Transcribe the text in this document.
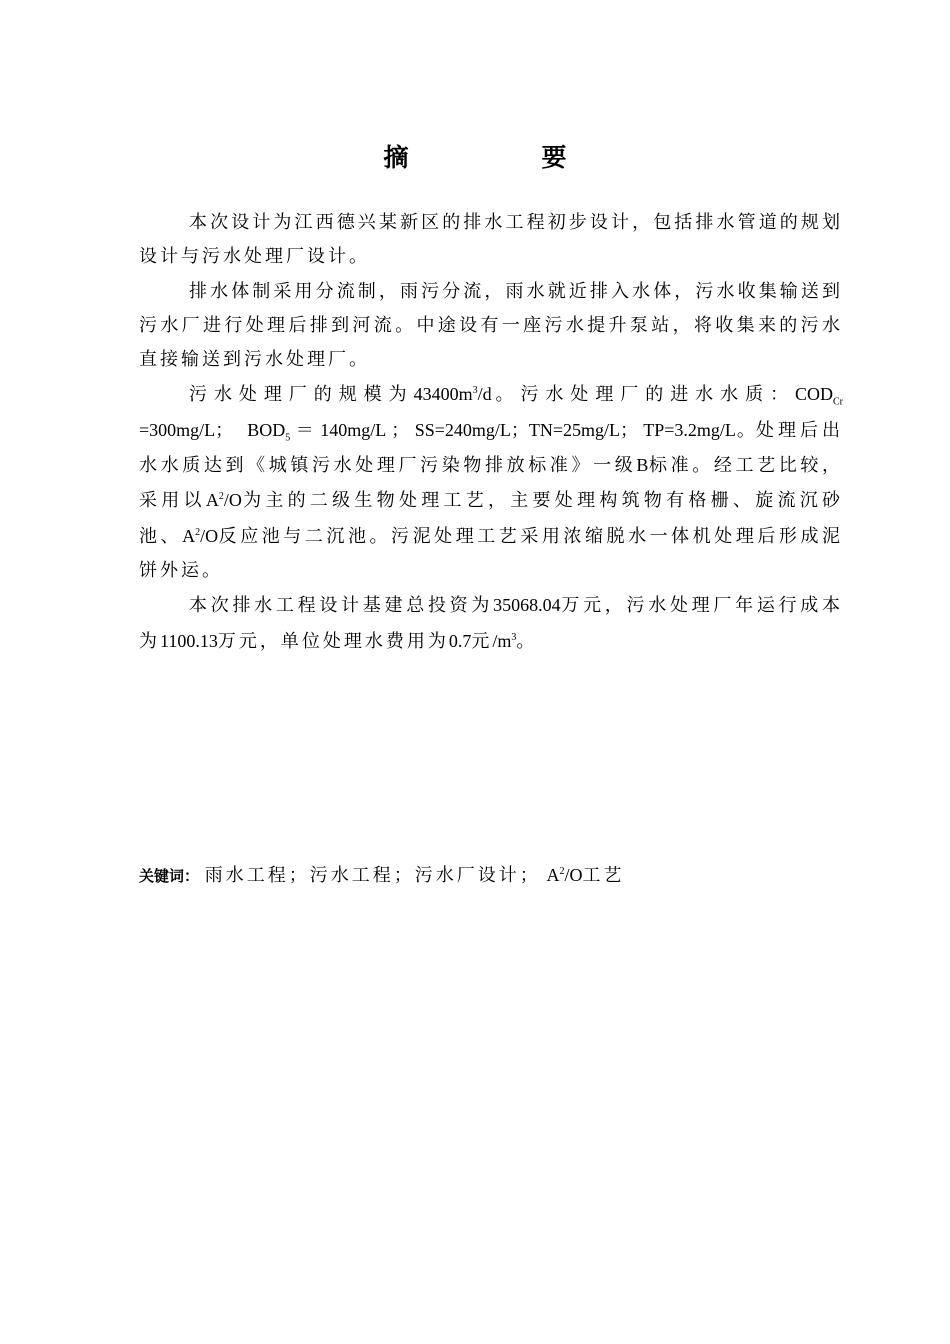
摘　要

本次设计为江西德兴某新区的排水工程初步设计，包括排水管道的规划设计与污水处理厂设计。

排水体制采用分流制，雨污分流，雨水就近排入水体，污水收集输送到污水厂进行处理后排到河流。中途设有一座污水提升泵站，将收集来的污水直接输送到污水处理厂。

污水处理厂的规模为$43400m^3/d$。污水处理厂的进水水质：$COD_{Cr} =300mg/L$；　 $BOD_5 = 140mg/L$ ； SS=240mg/L；TN=25mg/L； TP=3.2mg/L。处理后出水水质达到《城镇污水处理厂污染物排放标准》一级B标准。经工艺比较，采用以$A^2/O$为主的二级生物处理工艺，主要处理构筑物有格栅、旋流沉砂池、$A^2/O$反应池与二沉池。污泥处理工艺采用浓缩脱水一体机处理后形成泥饼外运。

本次排水工程设计基建总投资为35068.04万元，污水处理厂年运行成本为1100.13万元，单位处理水费用为0.7元$/m^3$。

关键词： 雨水工程；污水工程；污水厂设计； $A^2/O$工艺
